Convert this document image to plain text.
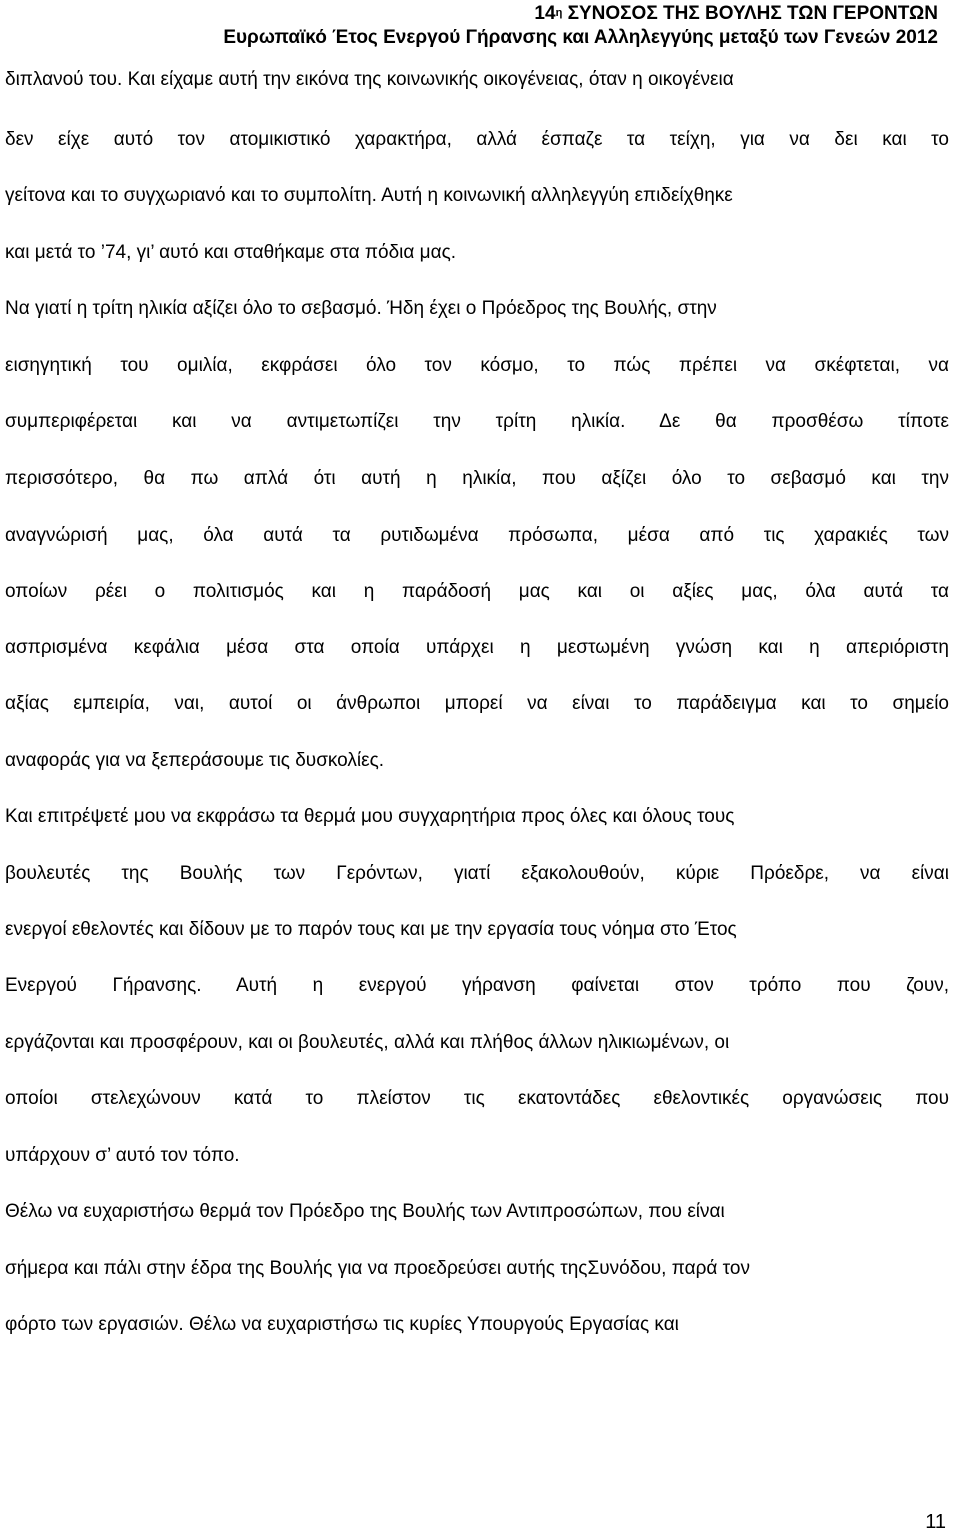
$14^\eta$ ΣΥΝΟΣΟΣ ΤΗΣ ΒΟΥΛΗΣ ΤΩΝ ΓΕΡΟΝΤΩΝ
Ευρωπαϊκό Έτος Ενεργού Γήρανσης και Αλληλεγγύης μεταξύ των Γενεών 2012
διπλανού του. Και είχαμε αυτή την εικόνα της κοινωνικής οικογένειας, όταν η οικογένεια
δεν είχε αυτό τον ατομικιστικό χαρακτήρα, αλλά έσπαζε τα τείχη, για να δει και το
γείτονα και το συγχωριανό και το συμπολίτη. Αυτή η κοινωνική αλληλεγγύη επιδείχθηκε
και μετά το ’74, γι’ αυτό και σταθήκαμε στα πόδια μας.
Να γιατί η τρίτη ηλικία αξίζει όλο το σεβασμό. Ήδη έχει ο Πρόεδρος της Βουλής, στην
εισηγητική του ομιλία, εκφράσει όλο τον κόσμο, το πώς πρέπει να σκέφτεται, να
συμπεριφέρεται και να αντιμετωπίζει την τρίτη ηλικία. Δε θα προσθέσω τίποτε
περισσότερο, θα πω απλά ότι αυτή η ηλικία, που αξίζει όλο το σεβασμό και την
αναγνώρισή μας, όλα αυτά τα ρυτιδωμένα πρόσωπα, μέσα από τις χαρακιές των
οποίων ρέει ο πολιτισμός και η παράδοσή μας και οι αξίες μας, όλα αυτά τα
ασπρισμένα κεφάλια μέσα στα οποία υπάρχει η μεστωμένη γνώση και η απεριόριστη
αξίας εμπειρία, ναι, αυτοί οι άνθρωποι μπορεί να είναι το παράδειγμα και το σημείο
αναφοράς για να ξεπεράσουμε τις δυσκολίες.
Και επιτρέψετέ μου να εκφράσω τα θερμά μου συγχαρητήρια προς όλες και όλους τους
βουλευτές της Βουλής των Γερόντων, γιατί εξακολουθούν, κύριε Πρόεδρε, να είναι
ενεργοί εθελοντές και δίδουν με το παρόν τους και με την εργασία τους νόημα στο Έτος
Ενεργού Γήρανσης. Αυτή η ενεργού γήρανση φαίνεται στον τρόπο που ζουν,
εργάζονται και προσφέρουν, και οι βουλευτές, αλλά και πλήθος άλλων ηλικιωμένων, οι
οποίοι στελεχώνουν κατά το πλείστον τις εκατοντάδες εθελοντικές οργανώσεις που
υπάρχουν σ’ αυτό τον τόπο.
Θέλω να ευχαριστήσω θερμά τον Πρόεδρο της Βουλής των Αντιπροσώπων, που είναι
σήμερα και πάλι στην έδρα της Βουλής για να προεδρεύσει αυτής τηςΣυνόδου, παρά τον
φόρτο των εργασιών. Θέλω να ευχαριστήσω τις κυρίες Υπουργούς Εργασίας και
11
